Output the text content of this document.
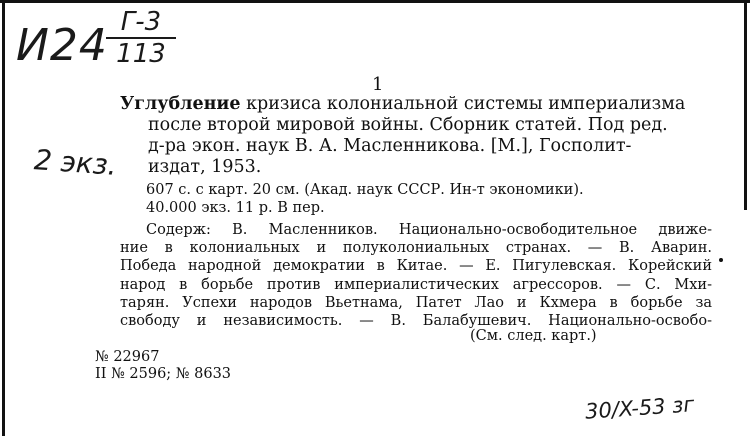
И24 Г-3
113
1
2 экз.
Углубление кризиса колониальной системы империализма
после второй мировой войны. Сборник статей. Под ред.
д-ра экон. наук В. А. Масленникова. [М.], Госполит-
издат, 1953.
607 с. с карт. 20 см. (Акад. наук СССР. Ин-т экономики).
40.000 экз. 11 р. В пер.
Содерж: В. Масленников. Национально-освободительное движе-
ние в колониальных и полуколониальных странах. — В. Аварин.
Победа народной демократии в Китае. — Е. Пигулевская. Корейский
народ в борьбе против империалистических агрессоров. — С. Мхи-
тарян. Успехи народов Вьетнама, Патет Лао и Кхмера в борьбе за
свободу и независимость. — В. Балабушевич. Национально-освобо-
(См. след. карт.)
№ 22967
II № 2596; № 8633
30/X-53 зг
